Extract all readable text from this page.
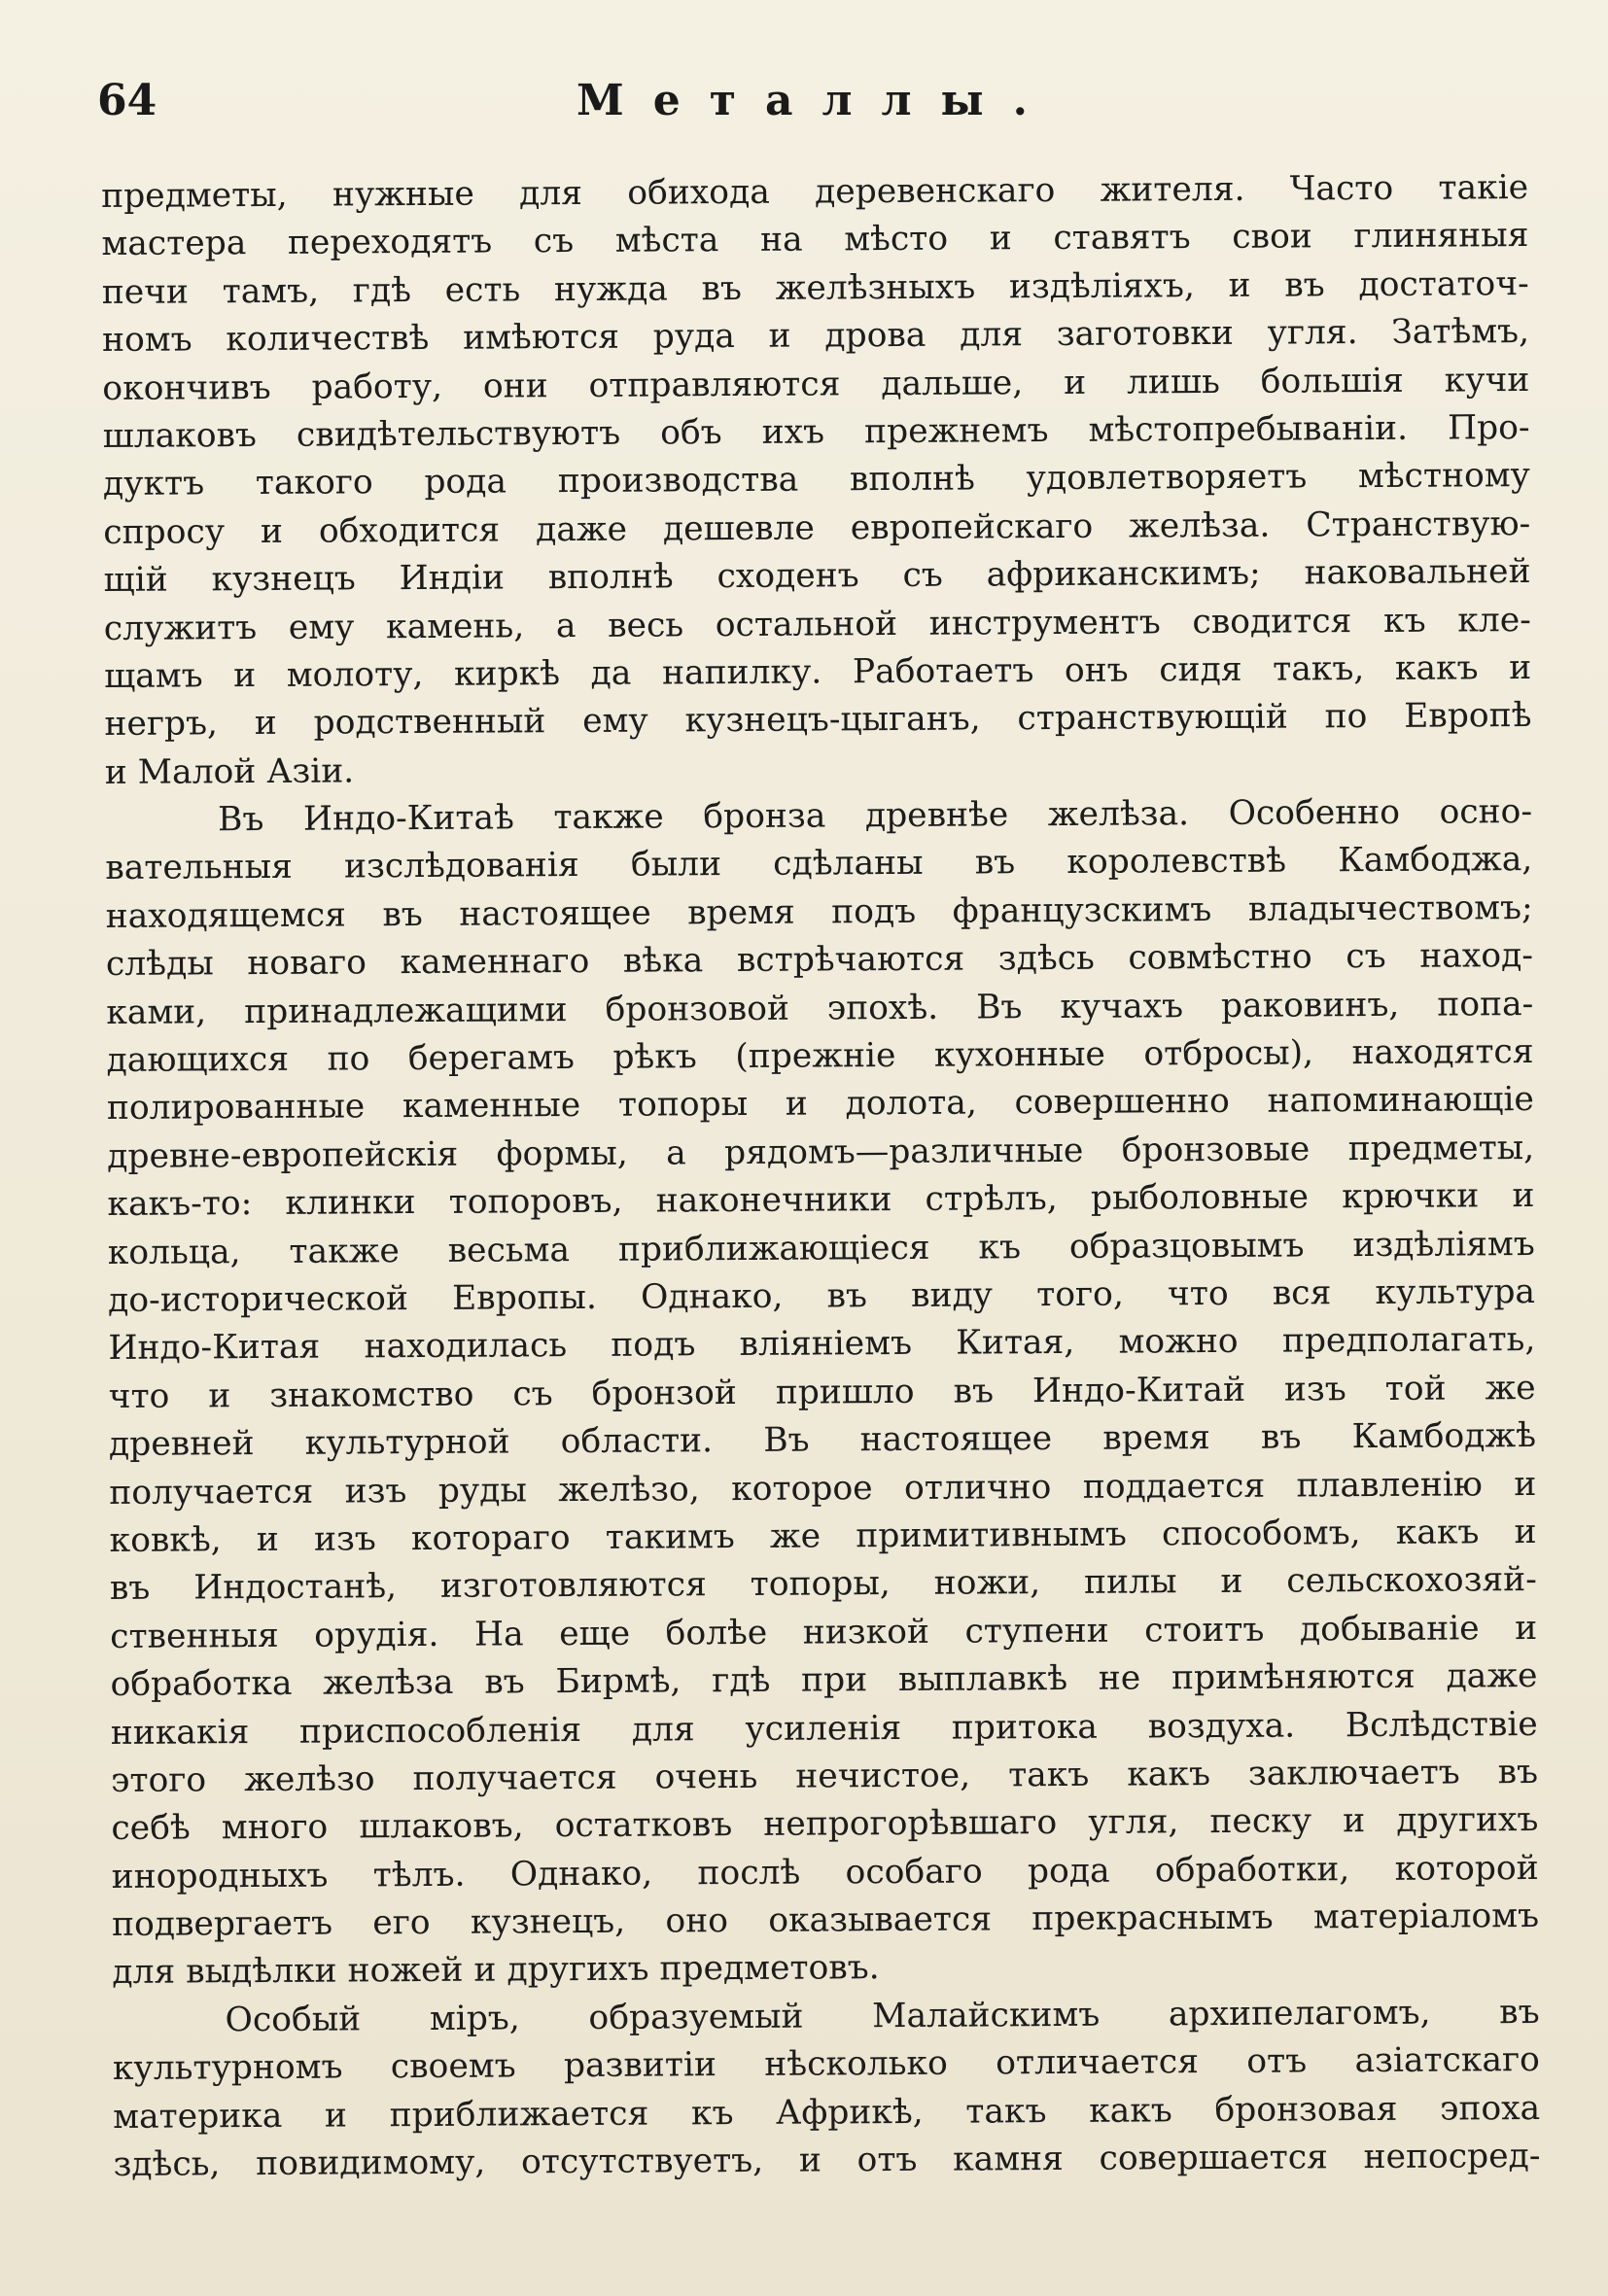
64	Металлы.
предметы, нужные для обихода деревенскаго жителя. Часто такіе
мастера переходятъ съ мѣста на мѣсто и ставятъ свои глиняныя
печи тамъ, гдѣ есть нужда въ желѣзныхъ издѣліяхъ, и въ достаточ-
номъ количествѣ имѣются руда и дрова для заготовки угля. Затѣмъ,
окончивъ работу, они отправляются дальше, и лишь большія кучи
шлаковъ свидѣтельствуютъ объ ихъ прежнемъ мѣстопребываніи. Про-
дуктъ такого рода производства вполнѣ удовлетворяетъ мѣстному
спросу и обходится даже дешевле европейскаго желѣза. Странствую-
щій кузнецъ Индіи вполнѣ сходенъ съ африканскимъ; наковальней
служитъ ему камень, а весь остальной инструментъ сводится къ кле-
щамъ и молоту, киркѣ да напилку. Работаетъ онъ сидя такъ, какъ и
негръ, и родственный ему кузнецъ-цыганъ, странствующій по Европѣ
и Малой Азіи.
Въ Индо-Китаѣ также бронза древнѣе желѣза. Особенно осно-
вательныя изслѣдованія были сдѣланы въ королевствѣ Камбоджа,
находящемся въ настоящее время подъ французскимъ владычествомъ;
слѣды новаго каменнаго вѣка встрѣчаются здѣсь совмѣстно съ наход-
ками, принадлежащими бронзовой эпохѣ. Въ кучахъ раковинъ, попа-
дающихся по берегамъ рѣкъ (прежніе кухонные отбросы), находятся
полированные каменные топоры и долота, совершенно напоминающіе
древне-европейскія формы, а рядомъ—различные бронзовые предметы,
какъ-то: клинки топоровъ, наконечники стрѣлъ, рыболовные крючки и
кольца, также весьма приближающіеся къ образцовымъ издѣліямъ
до-исторической Европы. Однако, въ виду того, что вся культура
Индо-Китая находилась подъ вліяніемъ Китая, можно предполагать,
что и знакомство съ бронзой пришло въ Индо-Китай изъ той же
древней культурной области. Въ настоящее время въ Камбоджѣ
получается изъ руды желѣзо, которое отлично поддается плавленію и
ковкѣ, и изъ котораго такимъ же примитивнымъ способомъ, какъ и
въ Индостанѣ, изготовляются топоры, ножи, пилы и сельскохозяй-
ственныя орудія. На еще болѣе низкой ступени стоитъ добываніе и
обработка желѣза въ Бирмѣ, гдѣ при выплавкѣ не примѣняются даже
никакія приспособленія для усиленія притока воздуха. Вслѣдствіе
этого желѣзо получается очень нечистое, такъ какъ заключаетъ въ
себѣ много шлаковъ, остатковъ непрогорѣвшаго угля, песку и другихъ
инородныхъ тѣлъ. Однако, послѣ особаго рода обработки, которой
подвергаетъ его кузнецъ, оно оказывается прекраснымъ матеріаломъ
для выдѣлки ножей и другихъ предметовъ.
Особый міръ, образуемый Малайскимъ архипелагомъ, въ
культурномъ своемъ развитіи нѣсколько отличается отъ азіатскаго
материка и приближается къ Африкѣ, такъ какъ бронзовая эпоха
здѣсь, повидимому, отсутствуетъ, и отъ камня совершается непосред-
